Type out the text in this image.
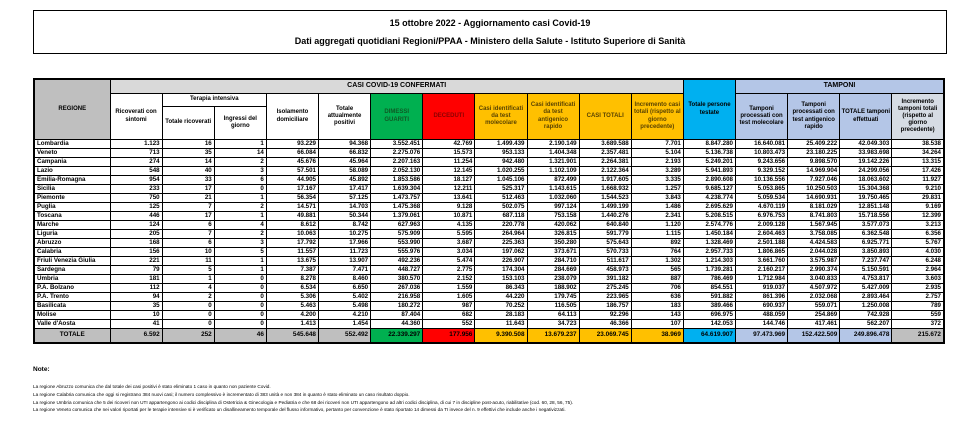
15 ottobre 2022 - Aggiornamento casi Covid-19
Dati aggregati quotidiani Regioni/PPAA - Ministero della Salute - Istituto Superiore di Sanità
REGIONE	CASI COVID-19 CONFERMATI											Totale persone testate	TAMPONI			
	Ricoverati con sintomi	Terapia intensiva		Isolamento domiciliare	Totale attualmente positivi	DIMESSI GUARITI	DECEDUTI	Casi identificati da test molecolare	Casi identificati da test antigenico rapido	CASI TOTALI	Incremento casi totali (rispetto al giorno precedente)		Tamponi processati con test molecolare	Tamponi processati con test antigenico rapido	TOTALE tamponi effettuati	Incremento tamponi totali (rispetto al giorno precedente)
		Totale ricoverati	Ingressi del giorno													
Lombardia	1.123	16	1	93.229	94.368	3.552.451	42.769	1.499.439	2.190.149	3.689.588	7.701	8.847.280	16.640.081	25.409.222	42.049.303	38.538
Veneto	713	35	14	66.084	66.832	2.275.076	15.573	953.133	1.404.348	2.357.481	5.104	5.136.738	10.803.473	23.180.225	33.983.698	34.264
Campania	274	14	2	45.676	45.964	2.207.163	11.254	942.480	1.321.901	2.264.381	2.193	5.249.201	9.243.656	9.898.570	19.142.226	13.315
Lazio	548	40	3	57.501	58.089	2.052.130	12.145	1.020.255	1.102.109	2.122.364	3.289	5.941.893	9.329.152	14.969.904	24.299.056	17.426
Emilia-Romagna	954	33	6	44.905	45.892	1.853.586	18.127	1.045.106	872.499	1.917.605	3.335	2.890.608	10.136.556	7.927.046	18.063.602	11.927
Sicilia	233	17	0	17.167	17.417	1.639.304	12.211	525.317	1.143.615	1.668.932	1.257	9.685.127	5.053.865	10.250.503	15.304.368	9.210
Piemonte	750	21	1	56.354	57.125	1.473.757	13.641	512.463	1.032.060	1.544.523	3.843	4.238.774	5.059.534	14.690.931	19.750.465	29.831
Puglia	125	7	2	14.571	14.703	1.475.368	9.128	502.075	997.124	1.499.199	1.486	2.695.629	4.670.119	8.181.029	12.851.148	9.169
Toscana	446	17	1	49.881	50.344	1.379.061	10.871	687.118	753.158	1.440.276	2.341	5.208.515	6.976.753	8.741.803	15.718.556	12.399
Marche	124	6	4	8.612	8.742	627.963	4.135	220.778	420.062	640.840	1.120	2.574.776	2.009.128	1.567.945	3.577.073	3.213
Liguria	205	7	2	10.063	10.275	575.909	5.595	264.964	326.815	591.779	1.115	1.450.184	2.604.463	3.758.085	6.362.548	6.356
Abruzzo	168	6	3	17.792	17.966	553.990	3.687	225.363	350.280	575.643	892	1.328.469	2.501.188	4.424.583	6.925.771	5.767
Calabria	156	10	5	11.557	11.723	555.976	3.034	197.062	373.671	570.733	764	2.957.733	1.806.865	2.044.028	3.850.893	4.030
Friuli Venezia Giulia	221	11	1	13.675	13.907	492.236	5.474	226.907	284.710	511.617	1.302	1.214.303	3.661.760	3.575.987	7.237.747	6.248
Sardegna	79	5	1	7.387	7.471	448.727	2.775	174.304	284.669	458.973	565	1.739.281	2.160.217	2.990.374	5.150.591	2.964
Umbria	181	1	0	8.278	8.460	380.570	2.152	153.103	238.079	391.182	887	786.469	1.712.984	3.040.833	4.753.817	3.603
P.A. Bolzano	112	4	0	6.534	6.650	267.036	1.559	86.343	188.902	275.245	706	854.551	919.037	4.507.972	5.427.009	2.935
P.A. Trento	94	2	0	5.306	5.402	216.958	1.605	44.220	179.745	223.965	636	591.882	861.396	2.032.068	2.893.464	2.757
Basilicata	35	0	0	5.463	5.498	180.272	987	70.252	116.505	186.757	183	389.466	690.937	559.071	1.250.008	789
Molise	10	0	0	4.200	4.210	87.404	682	28.183	64.113	92.296	143	696.975	488.059	254.869	742.928	559
Valle d'Aosta	41	0	0	1.413	1.454	44.360	552	11.643	34.723	46.366	107	142.053	144.746	417.461	562.207	372
TOTALE	6.592	252	46	545.648	552.492	22.339.297	177.956	9.390.508	13.679.237	23.069.745	38.969	64.619.907	97.473.969	152.422.509	249.896.478	215.672
Note:
La regione Abruzzo comunica che dal totale dei casi positivi è stato eliminato 1 caso in quanto non paziente Covid.
La regione Calabria comunica che oggi si registrano 384 nuovi casi; il numero complessivo è incrementato di 383 unità e non 384 in quanto è stato eliminato un caso risultato doppio.
La regione Umbria comunica che 5 dei ricoveri non UTI appartengono ai codici disciplina di Ostetricia & Ginecologia e Pediatria e che 68 dei ricoveri non UTI appartengono ad altri codici disciplina, di cui 7 in discipline post-acuto, riabilitative (cod. 60, 28, 56, 75).
La regione Veneto comunica che nei valori riportati per le terapie intensive si è verificato un disallineamento temporale del flusso informativo, pertanto per convenzione è stato riportato 14 dimessi da TI invece del n. 9 effettivi che include anche i negativizzati.
